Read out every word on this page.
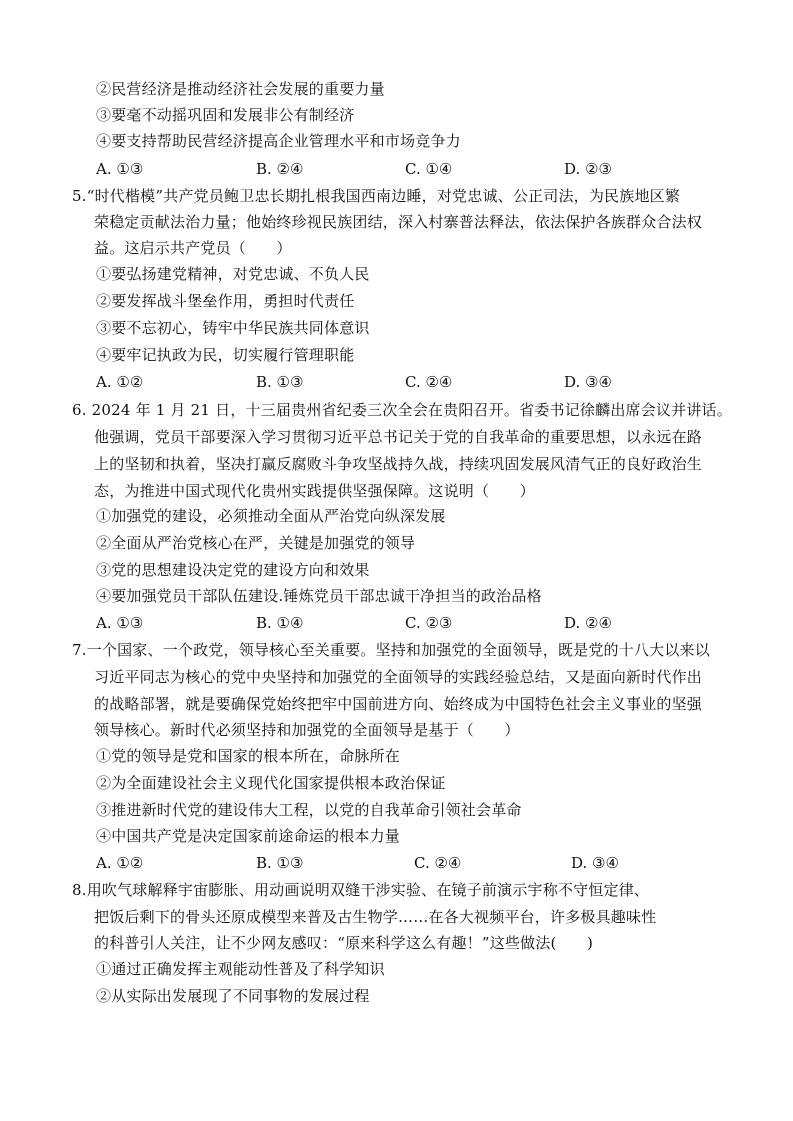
②民营经济是推动经济社会发展的重要力量
③要毫不动摇巩固和发展非公有制经济
④要支持帮助民营经济提高企业管理水平和市场竞争力
A. ①③	B. ②④	C. ①④	D. ②③
5.“时代楷模”共产党员鲍卫忠长期扎根我国西南边睡，对党忠诚、公正司法，为民族地区繁
荣稳定贡献法治力量；他始终珍视民族团结，深入村寨普法释法，依法保护各族群众合法权
益。这启示共产党员（　　）
①要弘扬建党精神，对党忠诚、不负人民
②要发挥战斗堡垒作用，勇担时代责任
③要不忘初心，铸牢中华民族共同体意识
④要牢记执政为民，切实履行管理职能
A. ①②	B. ①③	C. ②④	D. ③④
6. 2024 年 1 月 21 日，十三届贵州省纪委三次全会在贵阳召开。省委书记徐麟出席会议并讲话。
他强调，党员干部要深入学习贯彻习近平总书记关于党的自我革命的重要思想，以永远在路
上的坚韧和执着，坚决打赢反腐败斗争攻坚战持久战，持续巩固发展风清气正的良好政治生
态，为推进中国式现代化贵州实践提供坚强保障。这说明（　　）
①加强党的建设，必须推动全面从严治党向纵深发展
②全面从严治党核心在严，关键是加强党的领导
③党的思想建设决定党的建设方向和效果
④要加强党员干部队伍建设.锤炼党员干部忠诚干净担当的政治品格
A. ①③	B. ①④	C. ②③	D. ②④
7.一个国家、一个政党，领导核心至关重要。坚持和加强党的全面领导，既是党的十八大以来以
习近平同志为核心的党中央坚持和加强党的全面领导的实践经验总结，又是面向新时代作出
的战略部署，就是要确保党始终把牢中国前进方向、始终成为中国特色社会主义事业的坚强
领导核心。新时代必须坚持和加强党的全面领导是基于（　　）
①党的领导是党和国家的根本所在，命脉所在
②为全面建设社会主义现代化国家提供根本政治保证
③推进新时代党的建设伟大工程，以党的自我革命引领社会革命
④中国共产党是决定国家前途命运的根本力量
A. ①②	B. ①③	C. ②④	D. ③④
8.用吹气球解释宇宙膨胀、用动画说明双缝干涉实验、在镜子前演示宇称不守恒定律、
把饭后剩下的骨头还原成模型来普及古生物学……在各大视频平台，许多极具趣味性
的科普引人关注，让不少网友感叹：“原来科学这么有趣！”这些做法(　　)
①通过正确发挥主观能动性普及了科学知识
②从实际出发展现了不同事物的发展过程
